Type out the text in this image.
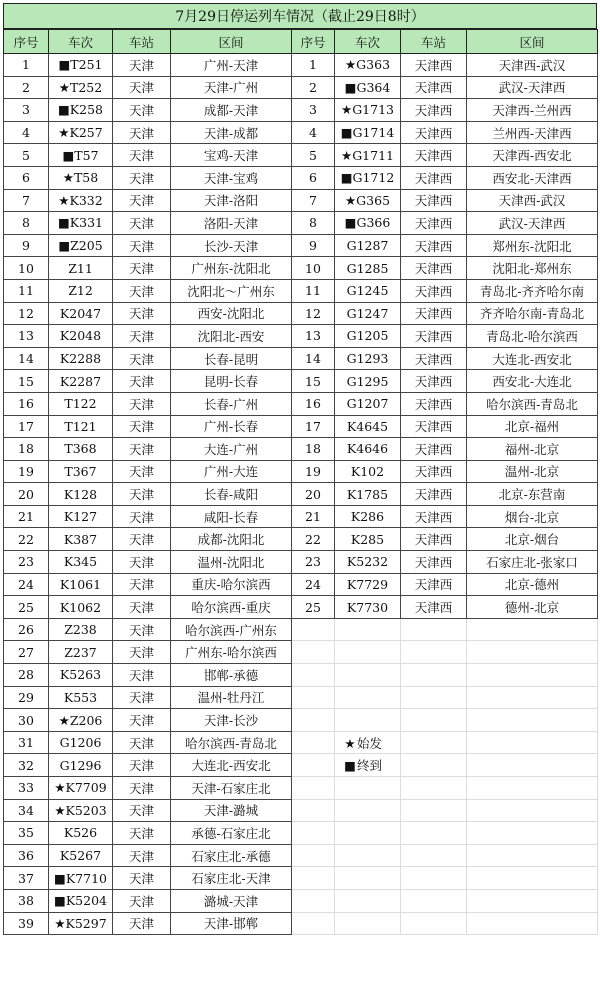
7月29日停运列车情况（截止29日8时）
序号	车次	车站	区间	序号	车次	车站	区间
1	■T251	天津	广州-天津	1	★G363	天津西	天津西-武汉
2	★T252	天津	天津-广州	2	■G364	天津西	武汉-天津西
3	■K258	天津	成都-天津	3	★G1713	天津西	天津西-兰州西
4	★K257	天津	天津-成都	4	■G1714	天津西	兰州西-天津西
5	■T57	天津	宝鸡-天津	5	★G1711	天津西	天津西-西安北
6	★T58	天津	天津-宝鸡	6	■G1712	天津西	西安北-天津西
7	★K332	天津	天津-洛阳	7	★G365	天津西	天津西-武汉
8	■K331	天津	洛阳-天津	8	■G366	天津西	武汉-天津西
9	■Z205	天津	长沙-天津	9	G1287	天津西	郑州东-沈阳北
10	Z11	天津	广州东-沈阳北	10	G1285	天津西	沈阳北-郑州东
11	Z12	天津	沈阳北～广州东	11	G1245	天津西	青岛北-齐齐哈尔南
12	K2047	天津	西安-沈阳北	12	G1247	天津西	齐齐哈尔南-青岛北
13	K2048	天津	沈阳北-西安	13	G1205	天津西	青岛北-哈尔滨西
14	K2288	天津	长春-昆明	14	G1293	天津西	大连北-西安北
15	K2287	天津	昆明-长春	15	G1295	天津西	西安北-大连北
16	T122	天津	长春-广州	16	G1207	天津西	哈尔滨西-青岛北
17	T121	天津	广州-长春	17	K4645	天津西	北京-福州
18	T368	天津	大连-广州	18	K4646	天津西	福州-北京
19	T367	天津	广州-大连	19	K102	天津西	温州-北京
20	K128	天津	长春-咸阳	20	K1785	天津西	北京-东营南
21	K127	天津	咸阳-长春	21	K286	天津西	烟台-北京
22	K387	天津	成都-沈阳北	22	K285	天津西	北京-烟台
23	K345	天津	温州-沈阳北	23	K5232	天津西	石家庄北-张家口
24	K1061	天津	重庆-哈尔滨西	24	K7729	天津西	北京-德州
25	K1062	天津	哈尔滨西-重庆	25	K7730	天津西	德州-北京
26	Z238	天津	哈尔滨西-广州东				
27	Z237	天津	广州东-哈尔滨西				
28	K5263	天津	邯郸-承德				
29	K553	天津	温州-牡丹江				
30	★Z206	天津	天津-长沙				
31	G1206	天津	哈尔滨西-青岛北		★始发		
32	G1296	天津	大连北-西安北		■终到		
33	★K7709	天津	天津-石家庄北				
34	★K5203	天津	天津-潞城				
35	K526	天津	承德-石家庄北				
36	K5267	天津	石家庄北-承德				
37	■K7710	天津	石家庄北-天津				
38	■K5204	天津	潞城-天津				
39	★K5297	天津	天津-邯郸				
